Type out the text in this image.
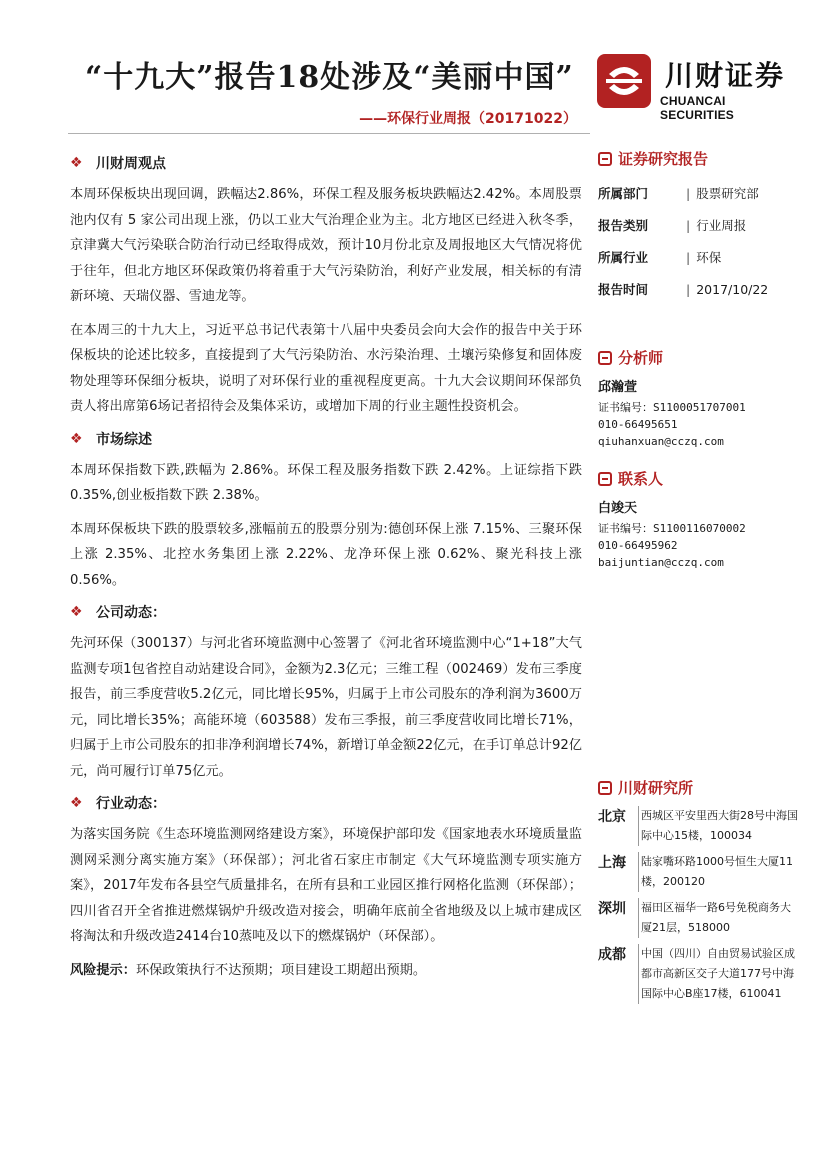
“十九大”报告18处涉及“美丽中国”
——环保行业周报（20171022）
川财证券
CHUANCAI SECURITIES
❖ 川财周观点

本周环保板块出现回调，跌幅达2.86%，环保工程及服务板块跌幅达2.42%。本周股票池内仅有 5 家公司出现上涨，仍以工业大气治理企业为主。北方地区已经进入秋冬季，京津冀大气污染联合防治行动已经取得成效，预计10月份北京及周报地区大气情况将优于往年，但北方地区环保政策仍将着重于大气污染防治，利好产业发展，相关标的有清新环境、天瑞仪器、雪迪龙等。

在本周三的十九大上，习近平总书记代表第十八届中央委员会向大会作的报告中关于环保板块的论述比较多，直接提到了大气污染防治、水污染治理、土壤污染修复和固体废物处理等环保细分板块，说明了对环保行业的重视程度更高。十九大会议期间环保部负责人将出席第6场记者招待会及集体采访，或增加下周的行业主题性投资机会。

❖ 市场综述

本周环保指数下跌,跌幅为 2.86%。环保工程及服务指数下跌 2.42%。上证综指下跌 0.35%,创业板指数下跌 2.38%。

本周环保板块下跌的股票较多,涨幅前五的股票分别为:德创环保上涨 7.15%、三聚环保上涨 2.35%、北控水务集团上涨 2.22%、龙净环保上涨 0.62%、聚光科技上涨 0.56%。

❖ 公司动态：

先河环保（300137）与河北省环境监测中心签署了《河北省环境监测中心“1+18”大气监测专项1包省控自动站建设合同》，金额为2.3亿元；三维工程（002469）发布三季度报告，前三季度营收5.2亿元，同比增长95%，归属于上市公司股东的净利润为3600万元，同比增长35%；高能环境（603588）发布三季报，前三季度营收同比增长71%，归属于上市公司股东的扣非净利润增长74%，新增订单金额22亿元，在手订单总计92亿元，尚可履行订单75亿元。

❖ 行业动态：

为落实国务院《生态环境监测网络建设方案》，环境保护部印发《国家地表水环境质量监测网采测分离实施方案》（环保部）；河北省石家庄市制定《大气环境监测专项实施方案》，2017年发布各县空气质量排名，在所有县和工业园区推行网格化监测（环保部）；四川省召开全省推进燃煤锅炉升级改造对接会，明确年底前全省地级及以上城市建成区将淘汰和升级改造2414台10蒸吨及以下的燃煤锅炉（环保部）。

风险提示：环保政策执行不达预期；项目建设工期超出预期。

证券研究报告
所属部门	| 股票研究部
报告类别	| 行业周报
所属行业	| 环保
报告时间	| 2017/10/22
分析师
邱瀚萱
证书编号：S1100051707001
010-66495651
qiuhanxuan@cczq.com
联系人
白竣天
证书编号：S1100116070002
010-66495962
baijuntian@cczq.com
川财研究所
北京	西城区平安里西大街28号中海国际中心15楼，100034
上海	陆家嘴环路1000号恒生大厦11楼，200120
深圳	福田区福华一路6号免税商务大厦21层，518000
成都	中国（四川）自由贸易试验区成都市高新区交子大道177号中海国际中心B座17楼，610041
